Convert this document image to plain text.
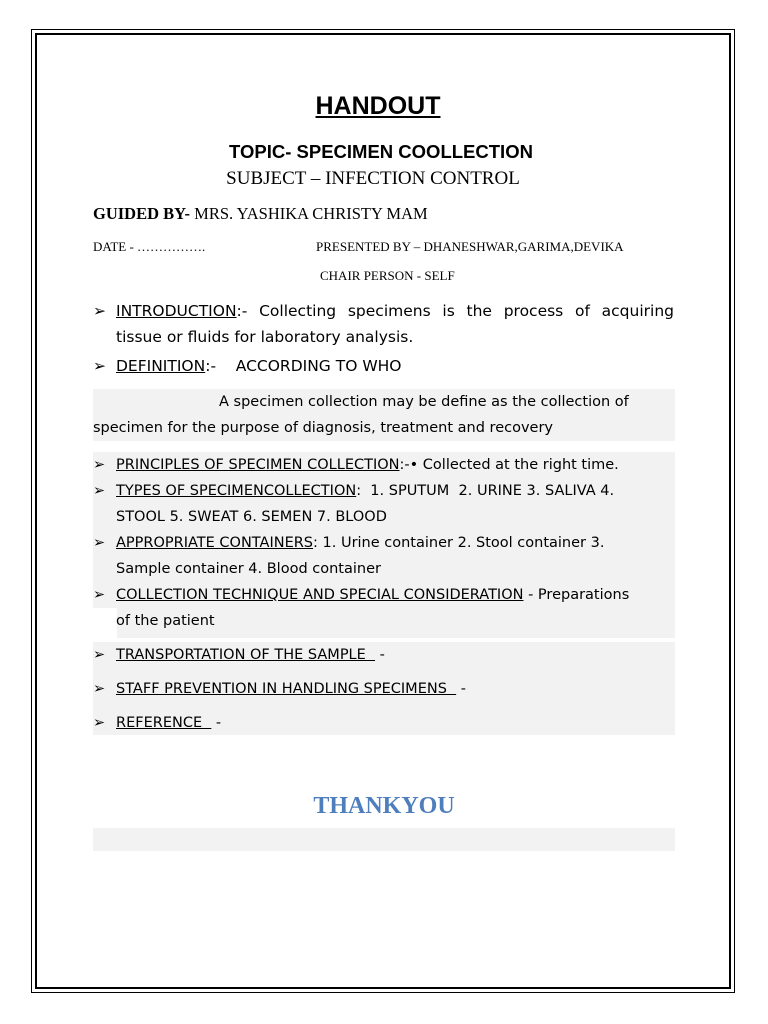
HANDOUT
TOPIC- SPECIMEN COOLLECTION
SUBJECT – INFECTION CONTROL
GUIDED BY- MRS. YASHIKA CHRISTY MAM
DATE - …………….	PRESENTED BY – DHANESHWAR,GARIMA,DEVIKA
CHAIR PERSON - SELF
➢ INTRODUCTION:- Collecting specimens is the process of acquiring tissue or fluids for laboratory analysis.
➢ DEFINITION:-    ACCORDING TO WHO
A specimen collection may be define as the collection of specimen for the purpose of diagnosis, treatment and recovery
➢ PRINCIPLES OF SPECIMEN COLLECTION:-• Collected at the right time.
➢ TYPES OF SPECIMENCOLLECTION:  1. SPUTUM  2. URINE 3. SALIVA 4. STOOL 5. SWEAT 6. SEMEN 7. BLOOD
➢ APPROPRIATE CONTAINERS: 1. Urine container 2. Stool container 3. Sample container 4. Blood container
➢ COLLECTION TECHNIQUE AND SPECIAL CONSIDERATION - Preparations of the patient
➢ TRANSPORTATION OF THE SAMPLE   -
➢ STAFF PREVENTION IN HANDLING SPECIMENS   -
➢ REFERENCE   -
THANKYOU
